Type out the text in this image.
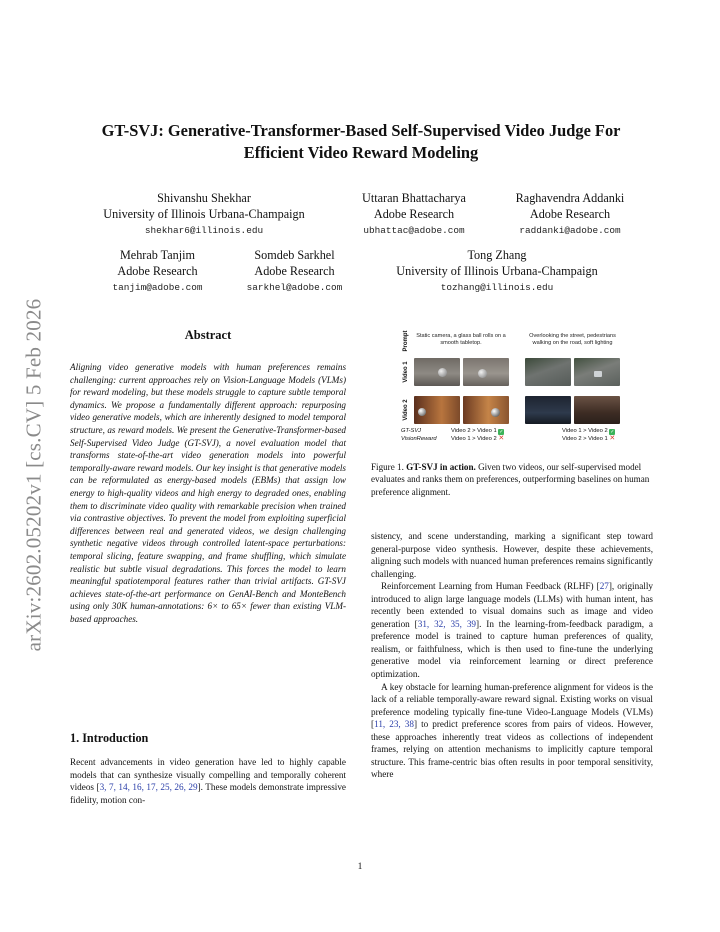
arXiv:2602.05202v1 [cs.CV] 5 Feb 2026
GT-SVJ: Generative-Transformer-Based Self-Supervised Video Judge For Efficient Video Reward Modeling
Shivanshu Shekhar
University of Illinois Urbana-Champaign
shekhar6@illinois.edu
Uttaran Bhattacharya
Adobe Research
ubhattac@adobe.com
Raghavendra Addanki
Adobe Research
raddanki@adobe.com
Mehrab Tanjim
Adobe Research
tanjim@adobe.com
Somdeb Sarkhel
Adobe Research
sarkhel@adobe.com
Tong Zhang
University of Illinois Urbana-Champaign
tozhang@illinois.edu
Abstract
Aligning video generative models with human preferences remains challenging: current approaches rely on Vision-Language Models (VLMs) for reward modeling, but these models struggle to capture subtle temporal dynamics. We propose a fundamentally different approach: repurposing video generative models, which are inherently designed to model temporal structure, as reward models. We present the Generative-Transformer-based Self-Supervised Video Judge (GT-SVJ), a novel evaluation model that transforms state-of-the-art video generation models into powerful temporally-aware reward models. Our key insight is that generative models can be reformulated as energy-based models (EBMs) that assign low energy to high-quality videos and high energy to degraded ones, enabling them to discriminate video quality with remarkable precision when trained via contrastive objectives. To prevent the model from exploiting superficial differences between real and generated videos, we design challenging synthetic negative videos through controlled latent-space perturbations: temporal slicing, feature swapping, and frame shuffling, which simulate realistic but subtle visual degradations. This forces the model to learn meaningful spatiotemporal features rather than trivial artifacts. GT-SVJ achieves state-of-the-art performance on GenAI-Bench and MonteBench using only 30K human-annotations: 6× to 65× fewer than existing VLM-based approaches.
1. Introduction

Recent advancements in video generation have led to highly capable models that can synthesize visually compelling and temporally coherent videos [3, 7, 14, 16, 17, 25, 26, 29]. These models demonstrate impressive fidelity, motion con-

Prompt
Video 1
Video 2
Static camera, a glass ball rolls on a smooth tabletop.
Overlooking the street, pedestrians walking on the road, soft lighting
GT-SVJ
VisionReward
Video 2 > Video 1 ✓
Video 1 > Video 2 ✕
Video 1 > Video 2 ✓
Video 2 > Video 1 ✕
Figure 1. GT-SVJ in action. Given two videos, our self-supervised model evaluates and ranks them on preferences, outperforming baselines on human preference alignment.

sistency, and scene understanding, marking a significant step toward general-purpose video synthesis. However, despite these achievements, aligning such models with nuanced human preferences remains significantly challenging.

Reinforcement Learning from Human Feedback (RLHF) [27], originally introduced to align large language models (LLMs) with human intent, has recently been extended to visual domains such as image and video generation [31, 32, 35, 39]. In the learning-from-feedback paradigm, a preference model is trained to capture human preferences of quality, realism, or faithfulness, which is then used to fine-tune the underlying generative model via reinforcement learning or direct preference optimization.

A key obstacle for learning human-preference alignment for videos is the lack of a reliable temporally-aware reward signal. Existing works on visual preference modeling typically fine-tune Video-Language Models (VLMs) [11, 23, 38] to predict preference scores from pairs of videos. However, these approaches inherently treat videos as collections of independent frames, relying on attention mechanisms to implicitly capture temporal structure. This frame-centric bias often results in poor temporal sensitivity, where

1
